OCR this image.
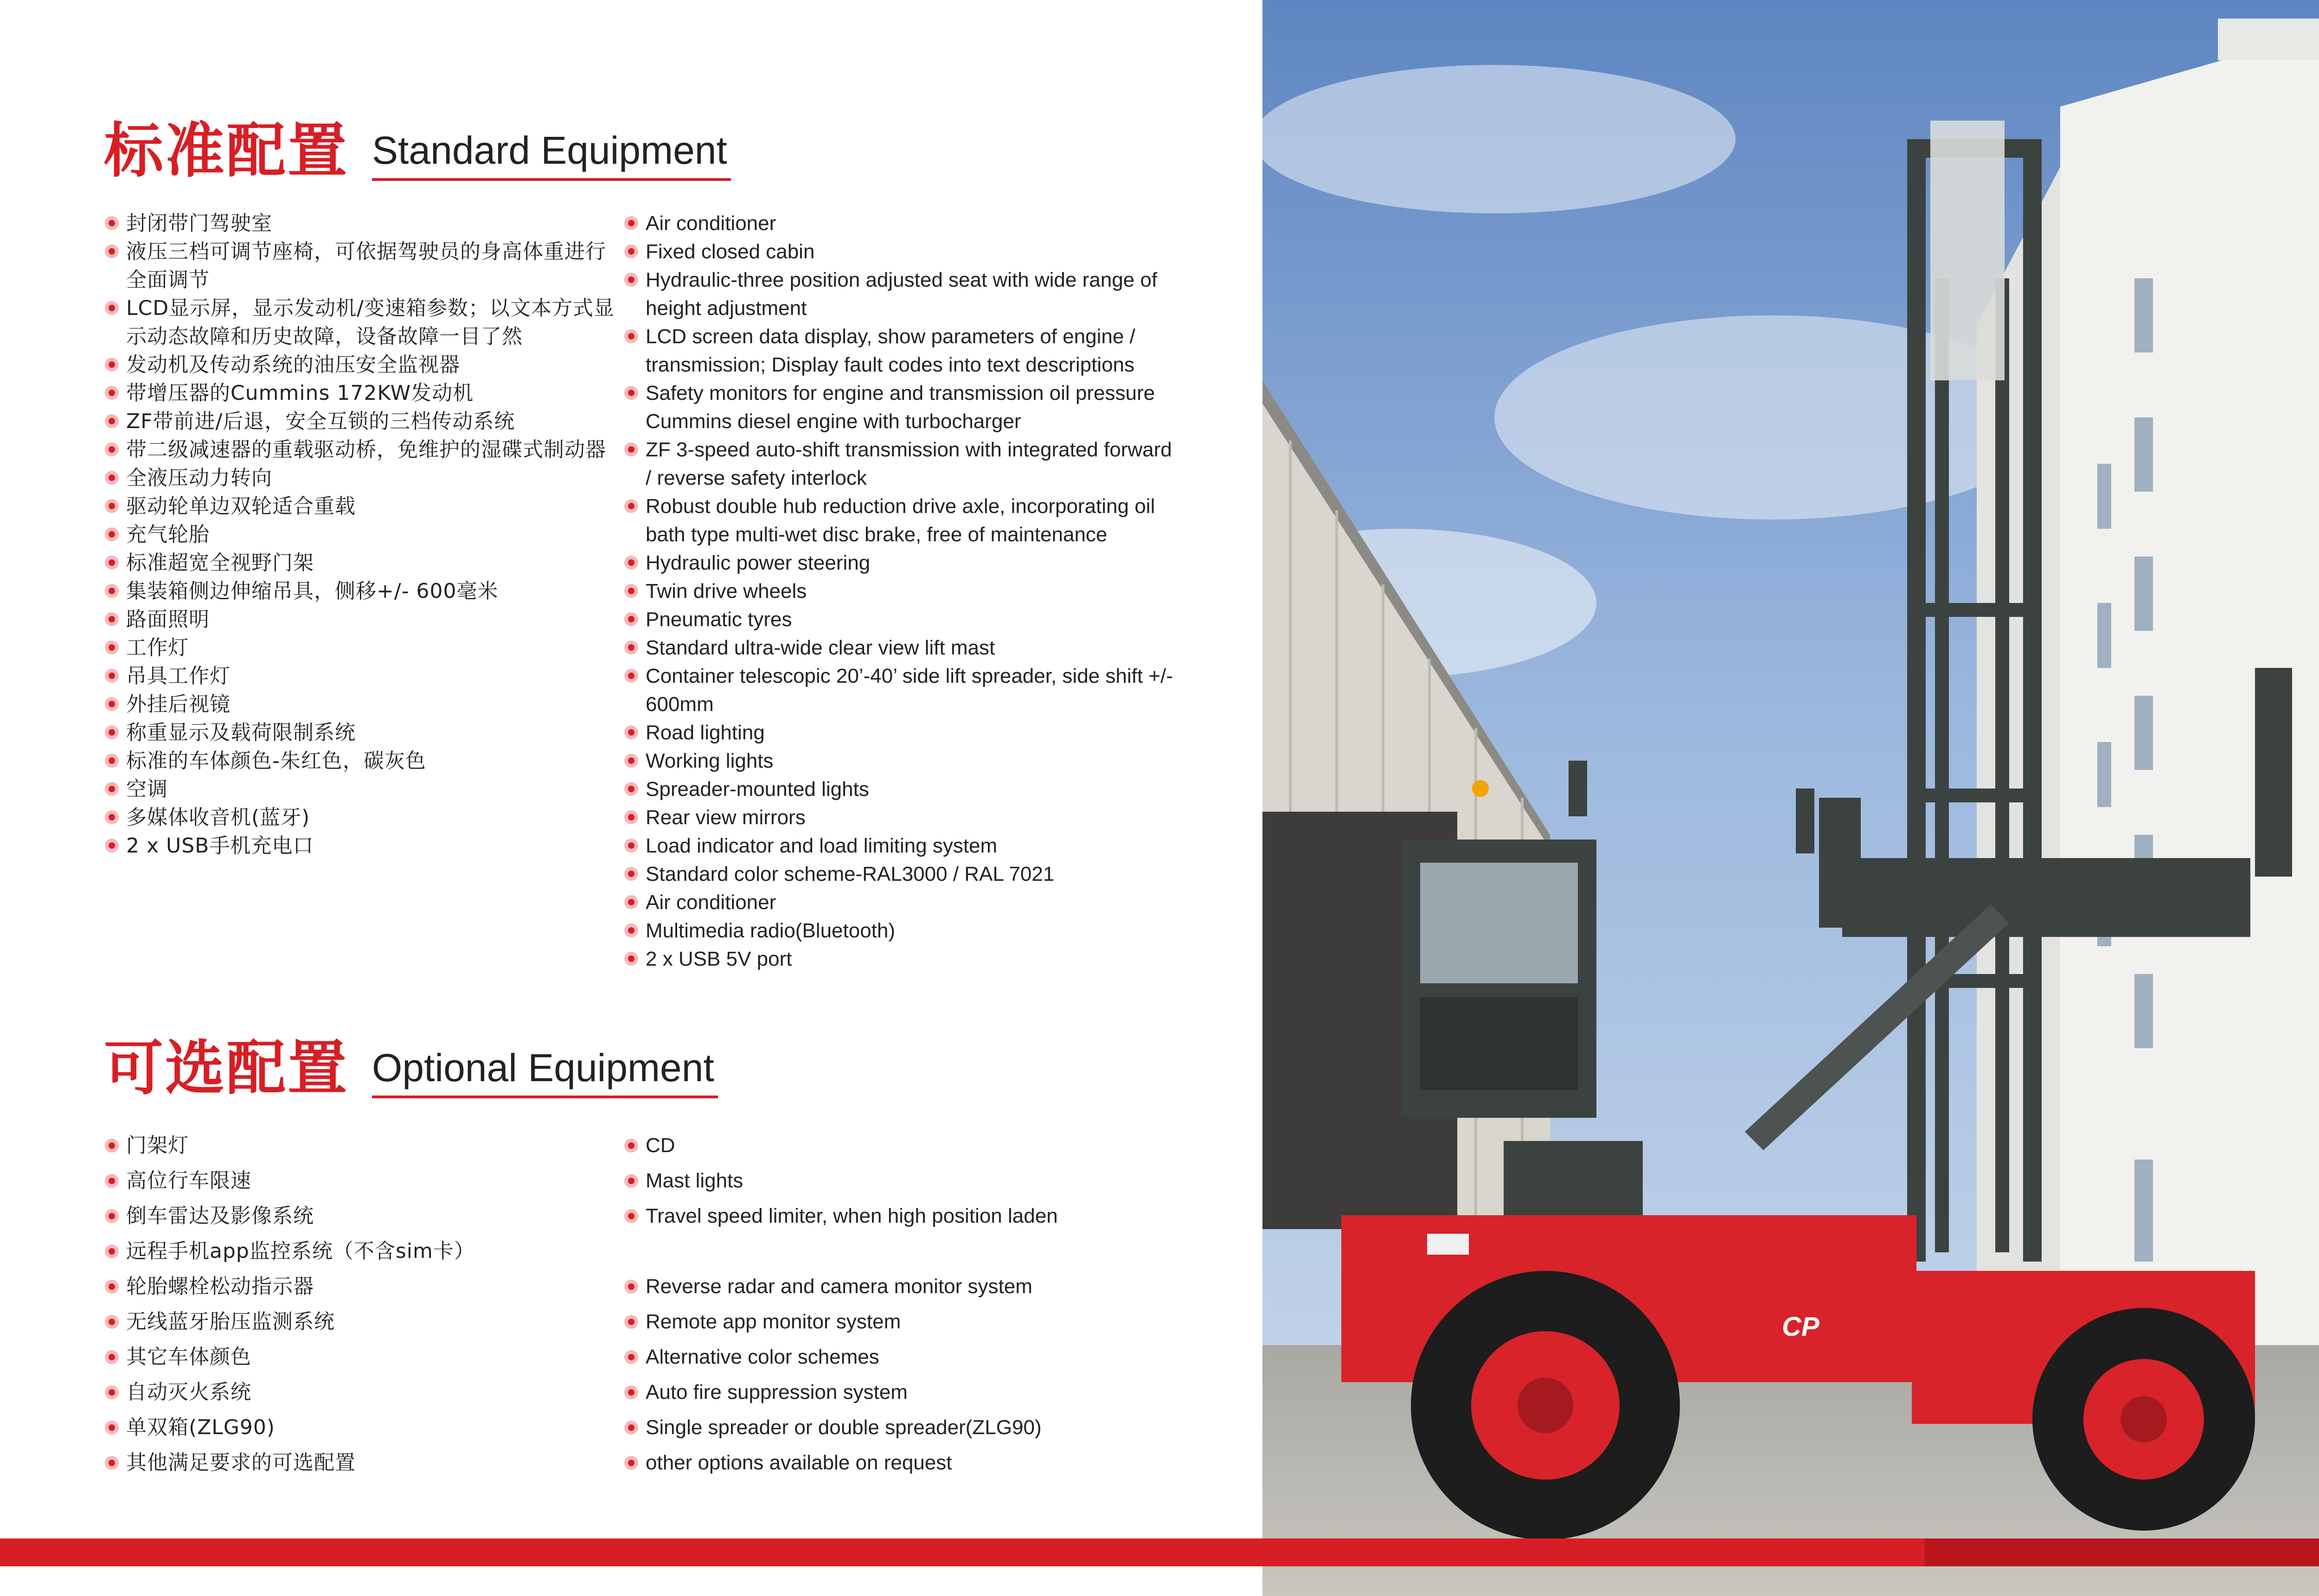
标准配置 Standard Equipment
封闭带门驾驶室
液压三档可调节座椅，可依据驾驶员的身高体重进行全面调节
LCD显示屏，显示发动机/变速箱参数；以文本方式显示动态故障和历史故障，设备故障一目了然
发动机及传动系统的油压安全监视器
带增压器的Cummins 172KW发动机
ZF带前进/后退，安全互锁的三档传动系统
带二级减速器的重载驱动桥，免维护的湿碟式制动器
全液压动力转向
驱动轮单边双轮适合重载
充气轮胎
标准超宽全视野门架
集装箱侧边伸缩吊具，侧移+/- 600毫米
路面照明
工作灯
吊具工作灯
外挂后视镜
称重显示及载荷限制系统
标准的车体颜色-朱红色，碳灰色
空调
多媒体收音机(蓝牙)
2 x USB手机充电口
Air conditioner
Fixed closed cabin
Hydraulic-three position adjusted seat with wide range of height adjustment
LCD screen data display, show parameters of engine / transmission; Display fault codes into text descriptions
Safety monitors for engine and transmission oil pressure Cummins diesel engine with turbocharger
ZF 3-speed auto-shift transmission with integrated forward / reverse safety interlock
Robust double hub reduction drive axle, incorporating oil bath type multi-wet disc brake, free of maintenance
Hydraulic power steering
Twin drive wheels
Pneumatic tyres
Standard ultra-wide clear view lift mast
Container telescopic 20’-40’ side lift spreader, side shift +/- 600mm
Road lighting
Working lights
Spreader-mounted lights
Rear view mirrors
Load indicator and load limiting system
Standard color scheme-RAL3000 / RAL 7021
Air conditioner
Multimedia radio(Bluetooth)
2 x USB 5V port
可选配置 Optional Equipment
门架灯
高位行车限速
倒车雷达及影像系统
远程手机app监控系统（不含sim卡）
轮胎螺栓松动指示器
无线蓝牙胎压监测系统
其它车体颜色
自动灭火系统
单双箱(ZLG90)
其他满足要求的可选配置
CD
Mast lights
Travel speed limiter, when high position laden
Reverse radar and camera monitor system
Remote app monitor system
Alternative color schemes
Auto fire suppression system
Single spreader or double spreader(ZLG90)
other options available on request
CP
